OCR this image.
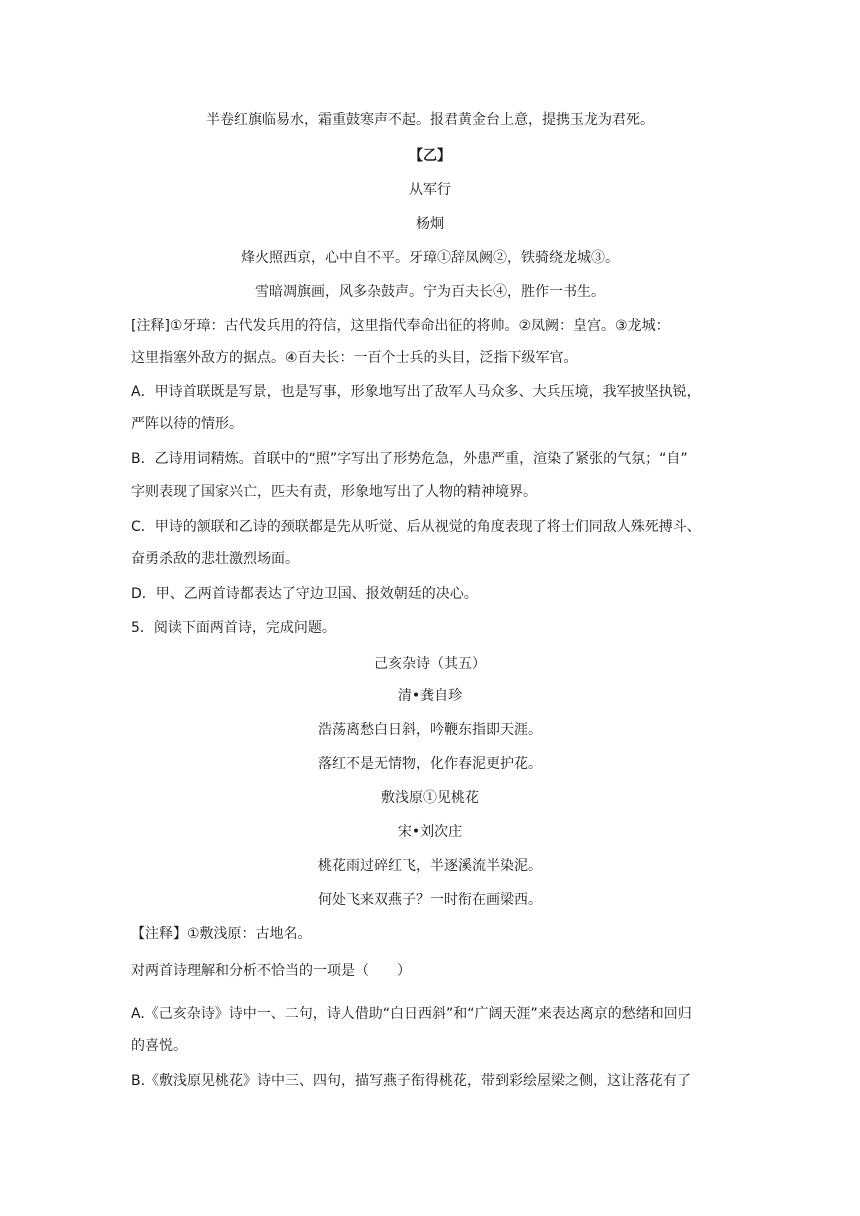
半卷红旗临易水，霜重鼓寒声不起。报君黄金台上意，提携玉龙为君死。
【乙】
从军行
杨炯
烽火照西京，心中自不平。牙璋①辞凤阙②，铁骑绕龙城③。
雪暗凋旗画，风多杂鼓声。宁为百夫长④，胜作一书生。
[注释]①牙璋：古代发兵用的符信，这里指代奉命出征的将帅。②凤阙：皇宫。③龙城：
这里指塞外敌方的据点。④百夫长：一百个士兵的头目，泛指下级军官。
A．甲诗首联既是写景，也是写事，形象地写出了敌军人马众多、大兵压境，我军披坚执锐，
严阵以待的情形。
B．乙诗用词精炼。首联中的“照”字写出了形势危急，外患严重，渲染了紧张的气氛；“自”
字则表现了国家兴亡，匹夫有责，形象地写出了人物的精神境界。
C．甲诗的颔联和乙诗的颈联都是先从听觉、后从视觉的角度表现了将士们同敌人殊死搏斗、
奋勇杀敌的悲壮激烈场面。
D．甲、乙两首诗都表达了守边卫国、报效朝廷的决心。
5．阅读下面两首诗，完成问题。
己亥杂诗（其五）
清•龚自珍
浩荡离愁白日斜，吟鞭东指即天涯。
落红不是无情物，化作春泥更护花。
敷浅原①见桃花
宋•刘次庄
桃花雨过碎红飞，半逐溪流半染泥。
何处飞来双燕子？一时衔在画梁西。
【注释】①敷浅原：古地名。
对两首诗理解和分析不恰当的一项是（　　）
A.《己亥杂诗》诗中一、二句，诗人借助“白日西斜”和“广阔天涯”来表达离京的愁绪和回归
的喜悦。
B.《敷浅原见桃花》诗中三、四句，描写燕子衔得桃花，带到彩绘屋梁之侧，这让落花有了
